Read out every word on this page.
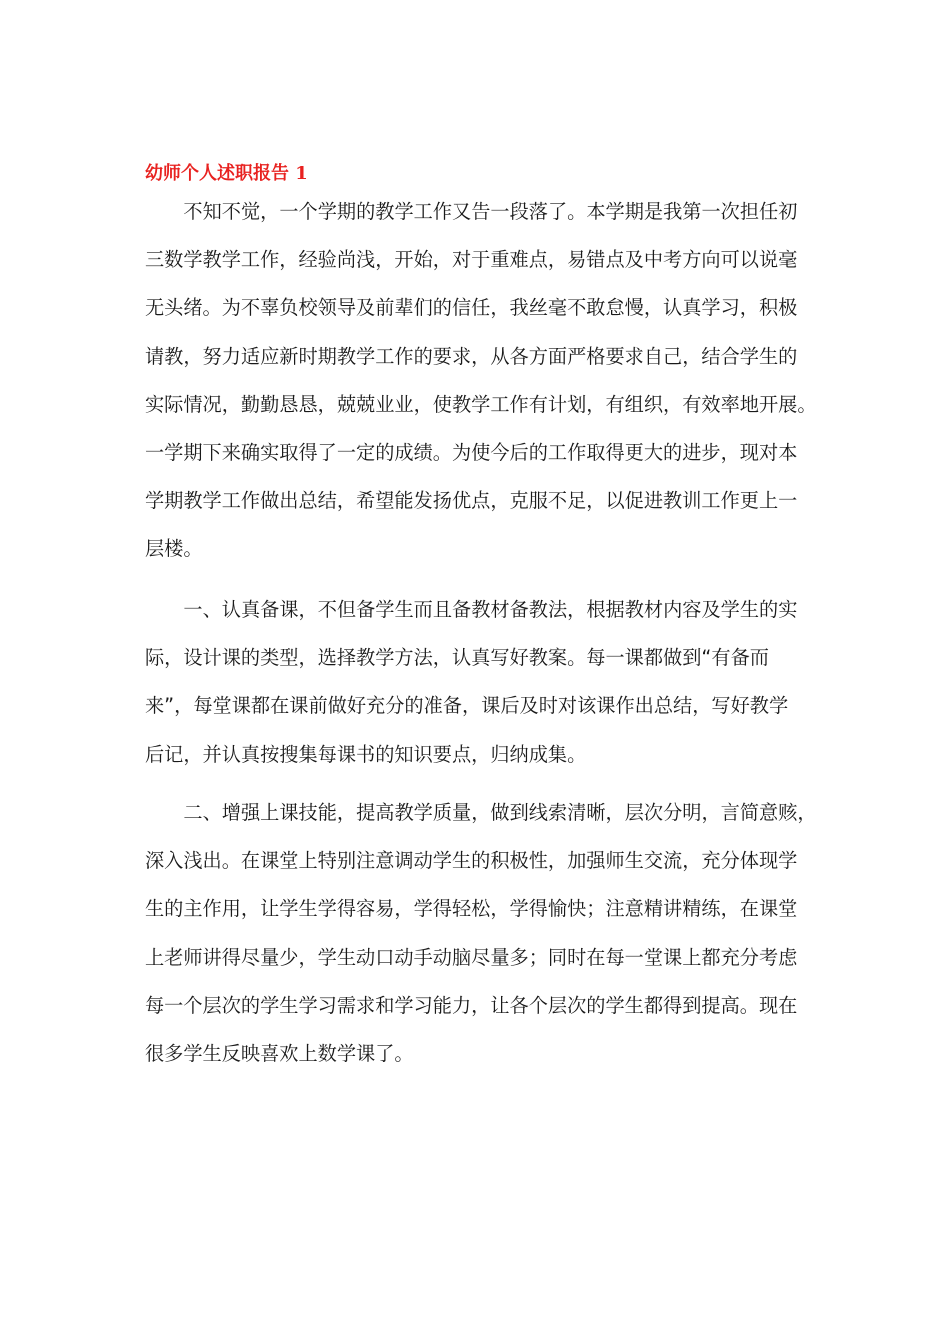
幼师个人述职报告 1
不知不觉，一个学期的教学工作又告一段落了。本学期是我第一次担任初
三数学教学工作，经验尚浅，开始，对于重难点，易错点及中考方向可以说毫
无头绪。为不辜负校领导及前辈们的信任，我丝毫不敢怠慢，认真学习，积极
请教，努力适应新时期教学工作的要求，从各方面严格要求自己，结合学生的
实际情况，勤勤恳恳，兢兢业业，使教学工作有计划，有组织，有效率地开展。
一学期下来确实取得了一定的成绩。为使今后的工作取得更大的进步，现对本
学期教学工作做出总结，希望能发扬优点，克服不足，以促进教训工作更上一
层楼。
一、认真备课，不但备学生而且备教材备教法，根据教材内容及学生的实
际，设计课的类型，选择教学方法，认真写好教案。每一课都做到“有备而
来”，每堂课都在课前做好充分的准备，课后及时对该课作出总结，写好教学
后记，并认真按搜集每课书的知识要点，归纳成集。
二、增强上课技能，提高教学质量，做到线索清晰，层次分明，言简意赅，
深入浅出。在课堂上特别注意调动学生的积极性，加强师生交流，充分体现学
生的主作用，让学生学得容易，学得轻松，学得愉快；注意精讲精练，在课堂
上老师讲得尽量少，学生动口动手动脑尽量多；同时在每一堂课上都充分考虑
每一个层次的学生学习需求和学习能力，让各个层次的学生都得到提高。现在
很多学生反映喜欢上数学课了。
